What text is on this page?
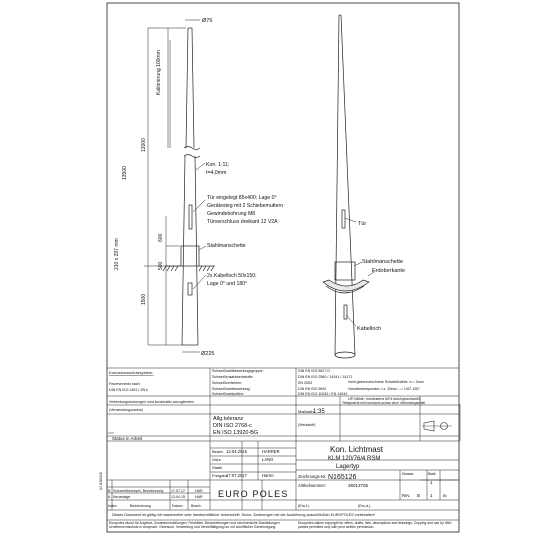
210 x 297 mm
Kalibrierung 100mm
12000
13500
600
500
1500
Ø76
Ø225
Kon. 1:11;
t=4,0mm
Tür eingelegt 85x400; Lage 0°
Gerätesteg mit 2 Schiebemuttern
Gewindebohrung M8
Türverschluss dreikant 12 V2A
Stahlmanschette
2x Kabelloch 50x150;
Lage 0° und 180°
Tür
Stahlmanschette
Erdoberkante
Kabelloch
Korrosionsschutzsystem:
Feuerverzinkt nach:
DIN EN ISO 1461 t ZN k
Schweißnahtbewertungsgruppe:	DIN EN ISO 5817 D
Schweißzusatzwerkstoffe:	DIN EN ISO 2560 / 14341 / 14171
Schweißverfahren:	EN 2553
Schweißnahtbewertung:	DIN EN ISO 9692
Schweißnahtprüfen:	DIN EN ISO 10042 / EN 14610
nicht gekennzeichnete Schweißnähte: a = 3mm
Vorwärmtemperatur: t.z. 30mm --> 100°-150°
UP-Nähte: mindestens 60% durchgeschweißt
Verbindungsbohrungen sind konstruktiv anzugleichen
(Verwendungszweck)
Allg.toleranz
DIN ISO 2768-c
EN ISO 13920-BG
Maßstab:
1:35
Teilegewicht mit Korrosions-schutz ohne Verbindungsmittel
(Werkstoff)
Status in Arbeit
Bearb. 13.04.2015	HARRER
Gepr.	LANG
Statik
Freigabe
17.07.2017	Harrer
Kon. Lichtmast
KLM 120/76/4 RSM
Lagertyp
Zeichnungs-Nr. N165126
Artikelnummer:	36013705
Klasse:	Blatt
1
Rev. B 1	Bl
B Schweißbetonpel, Bezeichnung 17.07.17	HAR
A Neuanlage	13.04.15	HAR
Index	Bezeichnung	Datum Bearb.
EURO POLES
(Ers.f.)	(Ers.d.)
A4 N165126
Dieses Dokument ist gültig mit maschineller oder handschriftlicher Unterschrift. Techn. Änderungen bei der Ausführung ausschließlich EUROPOLES vorbehalten!
Europoles räumt für Angebot, Zusammenstellungen, Feinbilder, Beschreibungen und zeichnerische Darstellungen Urheberrechtschutz in Anspruch. Gebrauch, Verwertung und Vervielfältigung nur mit schriftlicher Genehmigung.
Europoles claims copyright for offers, drafts, lists, descriptions and drawings. Copying and use by third parties permitted only with prior written permission.
